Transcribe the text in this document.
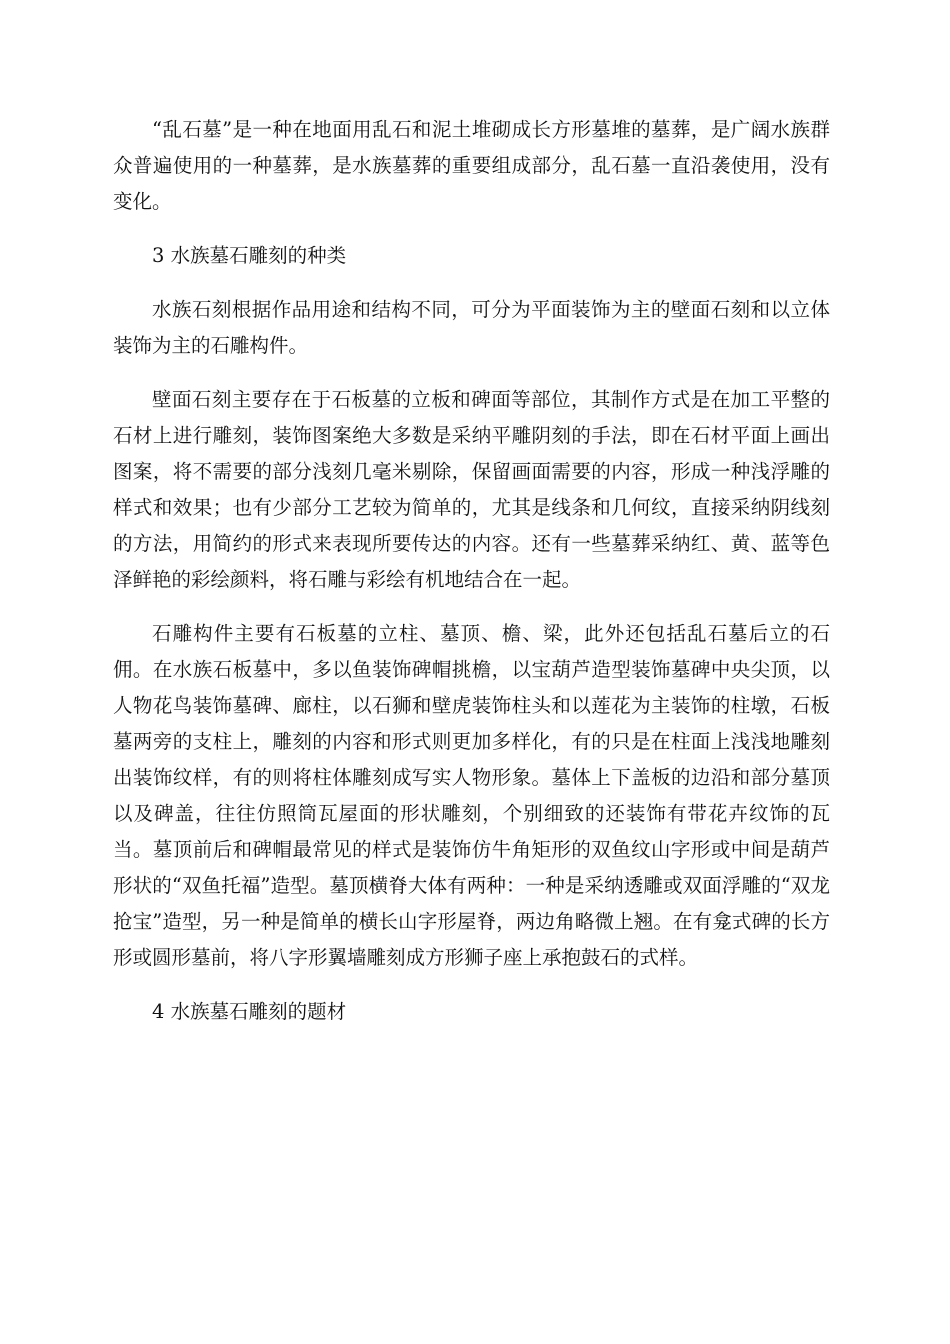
“乱石墓”是一种在地面用乱石和泥土堆砌成长方形墓堆的墓葬，是广阔水族群众普遍使用的一种墓葬，是水族墓葬的重要组成部分，乱石墓一直沿袭使用，没有变化。

3 水族墓石雕刻的种类

水族石刻根据作品用途和结构不同，可分为平面装饰为主的壁面石刻和以立体装饰为主的石雕构件。

壁面石刻主要存在于石板墓的立板和碑面等部位，其制作方式是在加工平整的石材上进行雕刻，装饰图案绝大多数是采纳平雕阴刻的手法，即在石材平面上画出图案，将不需要的部分浅刻几毫米剔除，保留画面需要的内容，形成一种浅浮雕的样式和效果；也有少部分工艺较为简单的，尤其是线条和几何纹，直接采纳阴线刻的方法，用简约的形式来表现所要传达的内容。还有一些墓葬采纳红、黄、蓝等色泽鲜艳的彩绘颜料，将石雕与彩绘有机地结合在一起。

石雕构件主要有石板墓的立柱、墓顶、檐、梁，此外还包括乱石墓后立的石佣。在水族石板墓中，多以鱼装饰碑帽挑檐，以宝葫芦造型装饰墓碑中央尖顶，以人物花鸟装饰墓碑、廊柱，以石狮和壁虎装饰柱头和以莲花为主装饰的柱墩，石板墓两旁的支柱上，雕刻的内容和形式则更加多样化，有的只是在柱面上浅浅地雕刻出装饰纹样，有的则将柱体雕刻成写实人物形象。墓体上下盖板的边沿和部分墓顶以及碑盖，往往仿照筒瓦屋面的形状雕刻，个别细致的还装饰有带花卉纹饰的瓦当。墓顶前后和碑帽最常见的样式是装饰仿牛角矩形的双鱼纹山字形或中间是葫芦形状的“双鱼托福”造型。墓顶横脊大体有两种：一种是采纳透雕或双面浮雕的“双龙抢宝”造型，另一种是简单的横长山字形屋脊，两边角略微上翘。在有龛式碑的长方形或圆形墓前，将八字形翼墙雕刻成方形狮子座上承抱鼓石的式样。

4 水族墓石雕刻的题材
